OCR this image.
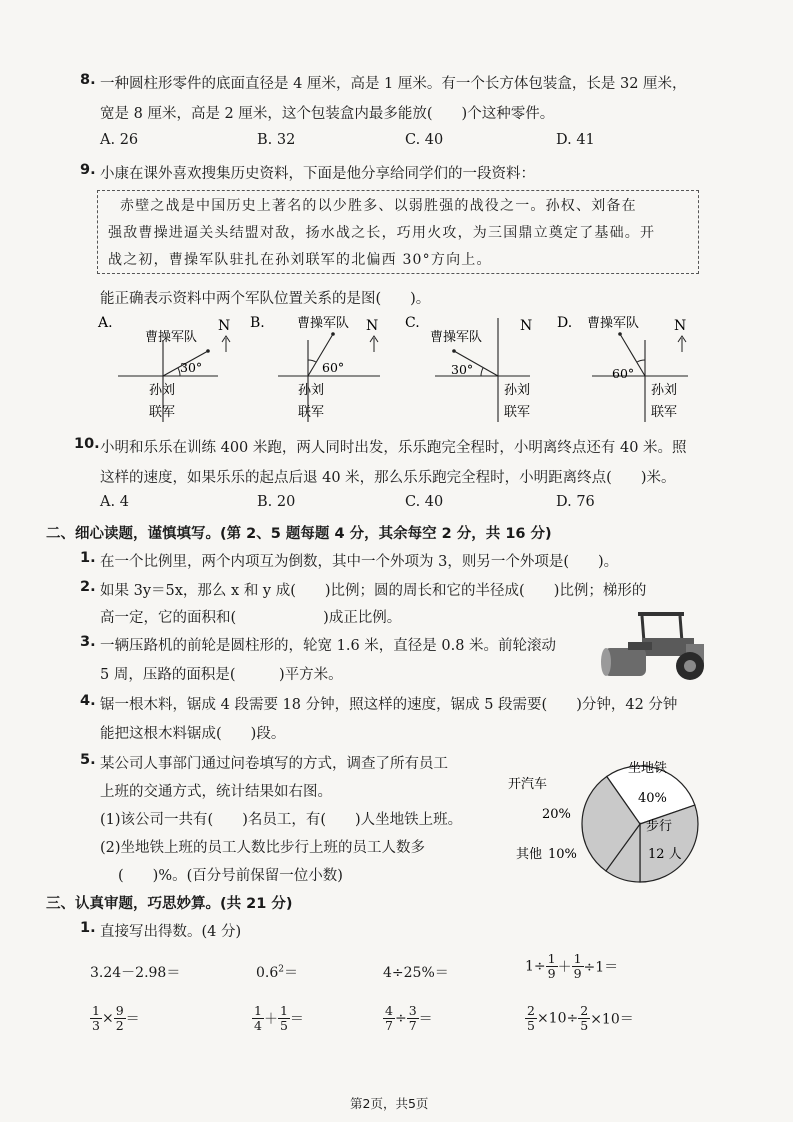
8. 一种圆柱形零件的底面直径是 4 厘米，高是 1 厘米。有一个长方体包装盒，长是 32 厘米，
宽是 8 厘米，高是 2 厘米，这个包装盒内最多能放(　　)个这种零件。
A. 26	B. 32	C. 40	D. 41
9. 小康在课外喜欢搜集历史资料，下面是他分享给同学们的一段资料：
赤壁之战是中国历史上著名的以少胜多、以弱胜强的战役之一。孙权、刘备在
强敌曹操进逼关头结盟对敌，扬水战之长，巧用火攻，为三国鼎立奠定了基础。开
战之初，曹操军队驻扎在孙刘联军的北偏西 30°方向上。
能正确表示资料中两个军队位置关系的是图(　　)。
A.
曹操军队
N
30°
孙刘
联军
B. 曹操军队 N
60°
孙刘
联军
C.
曹操军队
N
30°
孙刘
联军
D. 曹操军队 N
60°
孙刘
联军
10. 小明和乐乐在训练 400 米跑，两人同时出发，乐乐跑完全程时，小明离终点还有 40 米。照
这样的速度，如果乐乐的起点后退 40 米，那么乐乐跑完全程时，小明距离终点(　　)米。
A. 4	B. 20	C. 40	D. 76
二、细心读题，谨慎填写。(第 2、5 题每题 4 分，其余每空 2 分，共 16 分)
1. 在一个比例里，两个内项互为倒数，其中一个外项为 3，则另一个外项是(　　)。
2. 如果 3y＝5x，那么 x 和 y 成(　　)比例；圆的周长和它的半径成(　　)比例；梯形的
高一定，它的面积和(　　　　　　)成正比例。
3. 一辆压路机的前轮是圆柱形的，轮宽 1.6 米，直径是 0.8 米。前轮滚动
5 周，压路的面积是(　　　)平方米。
4. 锯一根木料，锯成 4 段需要 18 分钟，照这样的速度，锯成 5 段需要(　　)分钟，42 分钟
能把这根木料锯成(　　)段。
5. 某公司人事部门通过问卷填写的方式，调查了所有员工
上班的交通方式，统计结果如右图。
(1)该公司一共有(　　)名员工，有(　　)人坐地铁上班。
(2)坐地铁上班的员工人数比步行上班的员工人数多
(　　)%。(百分号前保留一位小数)
坐地铁
40%
开汽车
20%
其他 10%
步行
12 人
三、认真审题，巧思妙算。(共 21 分)
1. 直接写出得数。(4 分)
3.24－2.98＝	$0.6^2=$	4÷25%＝	$1\div \frac{1}{9} + \frac{1}{9} \div 1=$
$\frac{1}{3} \times \frac{9}{2}$ ＝	$\frac{1}{4} + \frac{1}{5}$ ＝	$\frac{4}{7} \div \frac{3}{7}$ ＝	$\frac{2}{5} \times 10\div \frac{2}{5} \times 10=$
第2页，共5页
